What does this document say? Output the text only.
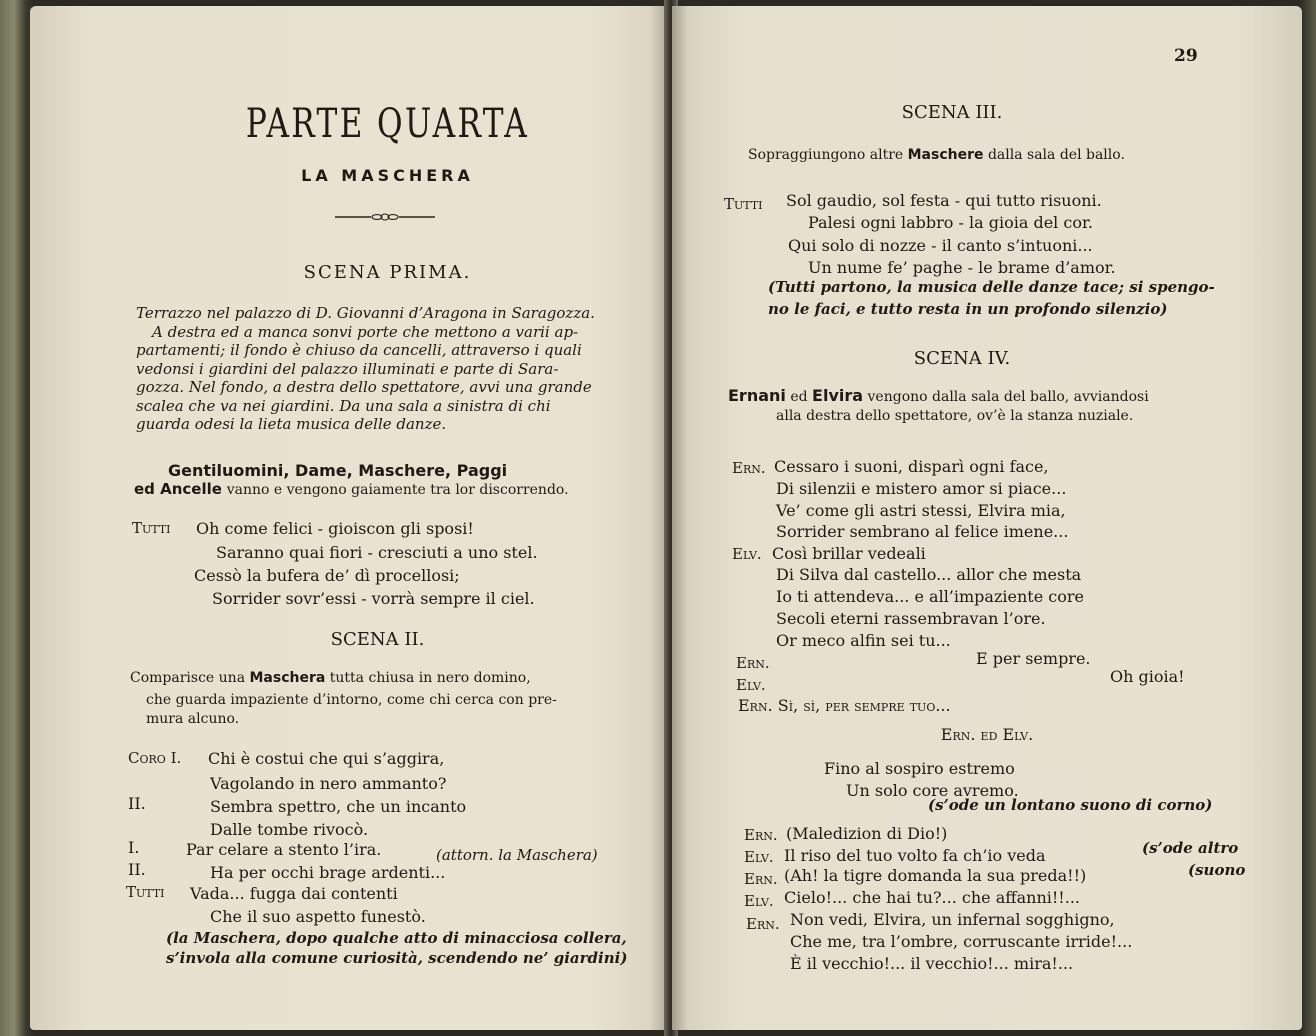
PARTE QUARTA
LA MASCHERA
SCENA PRIMA.
Terrazzo nel palazzo di D. Giovanni d’Aragona in Saragozza.
A destra ed a manca sonvi porte che mettono a varii ap-
partamenti; il fondo è chiuso da cancelli, attraverso i quali
vedonsi i giardini del palazzo illuminati e parte di Sara-
gozza. Nel fondo, a destra dello spettatore, avvi una grande
scalea che va nei giardini. Da una sala a sinistra di chi
guarda odesi la lieta musica delle danze.
Gentiluomini, Dame, Maschere, Paggi
ed Ancelle vanno e vengono gaiamente tra lor discorrendo.
Tutti Oh come felici - gioiscon gli sposi!
Saranno quai fiori - cresciuti a uno stel.
Cessò la bufera de’ dì procellosi;
Sorrider sovr’essi - vorrà sempre il ciel.
SCENA II.
Comparisce una Maschera tutta chiusa in nero domino,
che guarda impaziente d’intorno, come chi cerca con pre-
mura alcuno.
Coro I. Chi è costui che qui s’aggira,
Vagolando in nero ammanto?
II.	Sembra spettro, che un incanto
Dalle tombe rivocò.
I.	Par celare a stento l’ira.	(attorn. la Maschera)
II.	Ha per occhi brage ardenti...
Tutti Vada... fugga dai contenti
Che il suo aspetto funestò.
(la Maschera, dopo qualche atto di minacciosa collera,
s’invola alla comune curiosità, scendendo ne’ giardini)
29
SCENA III.
Sopraggiungono altre Maschere dalla sala del ballo.
Tutti Sol gaudio, sol festa - qui tutto risuoni.
Palesi ogni labbro - la gioia del cor.
Qui solo di nozze - il canto s’intuoni...
Un nume fe’ paghe - le brame d’amor.
(Tutti partono, la musica delle danze tace; si spengo-
no le faci, e tutto resta in un profondo silenzio)
SCENA IV.
Ernani ed Elvira vengono dalla sala del ballo, avviandosi
alla destra dello spettatore, ov’è la stanza nuziale.
Ern. Cessaro i suoni, disparì ogni face,
Di silenzii e mistero amor si piace...
Ve’ come gli astri stessi, Elvira mia,
Sorrider sembrano al felice imene...
Elv. Così brillar vedeali
Di Silva dal castello... allor che mesta
Io ti attendeva... e all’impaziente core
Secoli eterni rassembravan l’ore.
Or meco alfin sei tu...
Ern.	E per sempre.
Elv.	Oh gioia!
Ern. Sì, sì, per sempre tuo...
Ern. ed Elv.
Fino al sospiro estremo
Un solo core avremo.
(s’ode un lontano suono di corno)
Ern. (Maledizion di Dio!)
Elv. Il riso del tuo volto fa ch’io veda	(s’ode altro
Ern. (Ah! la tigre domanda la sua preda!!)	(suono
Elv. Cielo!... che hai tu?... che affanni!!...
Ern. Non vedi, Elvira, un infernal sogghigno,
Che me, tra l’ombre, corruscante irride!...
È il vecchio!... il vecchio!... mira!...
